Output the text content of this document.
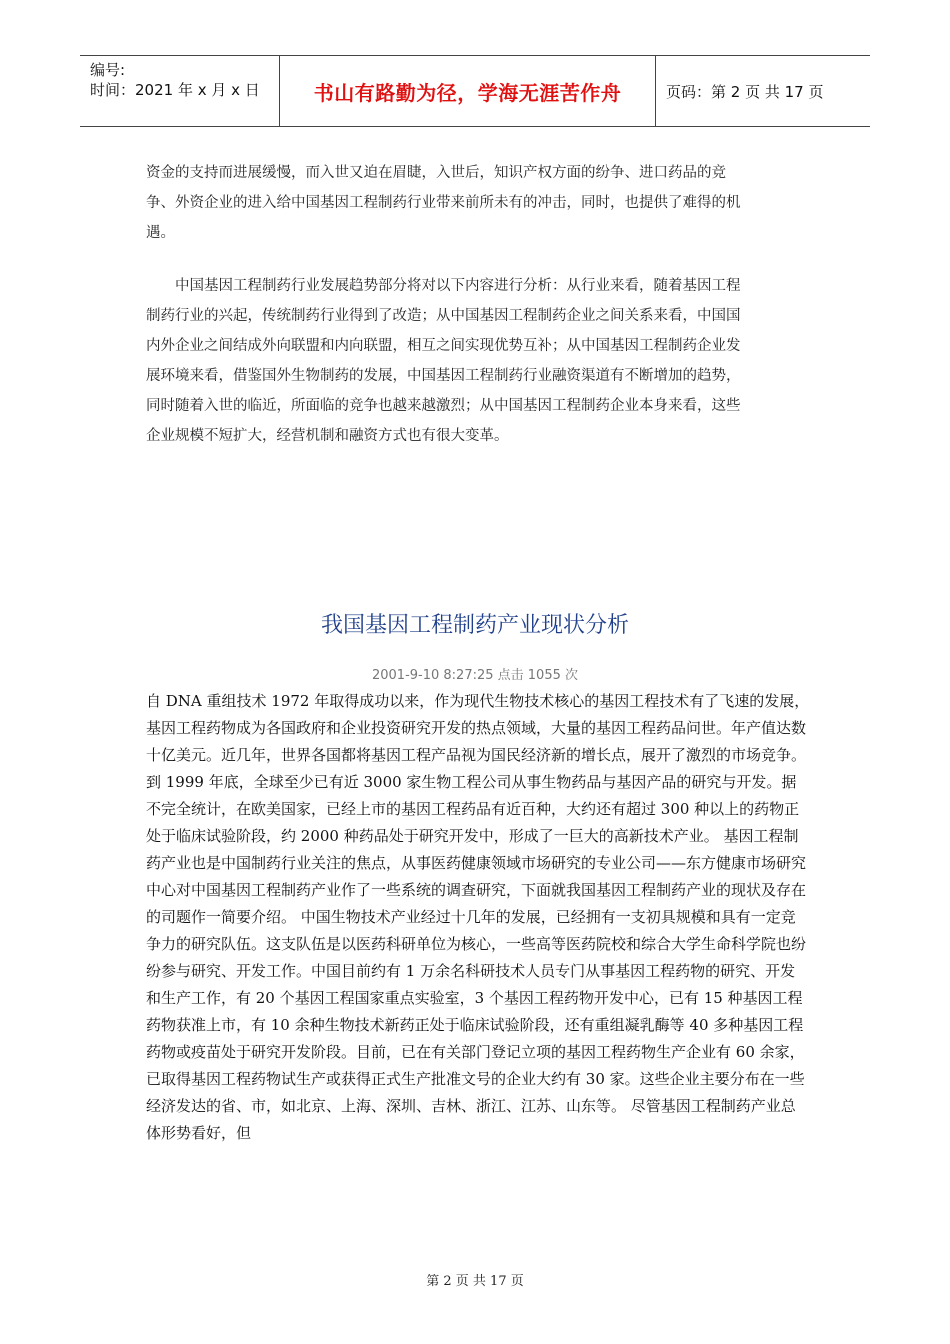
编号:
时间：2021 年 x 月 x 日	书山有路勤为径，学海无涯苦作舟	页码：第 2 页 共 17 页
资金的支持而进展缓慢，而入世又迫在眉睫，入世后，知识产权方面的纷争、进口药品的竞争、外资企业的进入给中国基因工程制药行业带来前所未有的冲击，同时，也提供了难得的机遇。
中国基因工程制药行业发展趋势部分将对以下内容进行分析：从行业来看，随着基因工程制药行业的兴起，传统制药行业得到了改造；从中国基因工程制药企业之间关系来看，中国国内外企业之间结成外向联盟和内向联盟，相互之间实现优势互补；从中国基因工程制药企业发展环境来看，借鉴国外生物制药的发展，中国基因工程制药行业融资渠道有不断增加的趋势，同时随着入世的临近，所面临的竞争也越来越激烈；从中国基因工程制药企业本身来看，这些企业规模不短扩大，经营机制和融资方式也有很大变革。
我国基因工程制药产业现状分析
2001-9-10 8:27:25 点击 1055 次
自 DNA 重组技术 1972 年取得成功以来，作为现代生物技术核心的基因工程技术有了飞速的发展，基因工程药物成为各国政府和企业投资研究开发的热点领域，大量的基因工程药品问世。年产值达数十亿美元。近几年，世界各国都将基因工程产品视为国民经济新的增长点，展开了激烈的市场竞争。到 1999 年底，全球至少已有近 3000 家生物工程公司从事生物药品与基因产品的研究与开发。据不完全统计，在欧美国家，已经上市的基因工程药品有近百种，大约还有超过 300 种以上的药物正处于临床试验阶段，约 2000 种药品处于研究开发中，形成了一巨大的高新技术产业。 基因工程制药产业也是中国制药行业关注的焦点，从事医药健康领域市场研究的专业公司——东方健康市场研究中心对中国基因工程制药产业作了一些系统的调查研究，下面就我国基因工程制药产业的现状及存在的司题作一简要介绍。 中国生物技术产业经过十几年的发展，已经拥有一支初具规模和具有一定竞争力的研究队伍。这支队伍是以医药科研单位为核心，一些高等医药院校和综合大学生命科学院也纷纷参与研究、开发工作。中国目前约有 1 万余名科研技术人员专门从事基因工程药物的研究、开发和生产工作，有 20 个基因工程国家重点实验室，3 个基因工程药物开发中心，已有 15 种基因工程药物获准上市，有 10 余种生物技术新药正处于临床试验阶段，还有重组凝乳酶等 40 多种基因工程药物或疫苗处于研究开发阶段。目前，已在有关部门登记立项的基因工程药物生产企业有 60 余家，已取得基因工程药物试生产或获得正式生产批准文号的企业大约有 30 家。这些企业主要分布在一些经济发达的省、市，如北京、上海、深圳、吉林、浙江、江苏、山东等。 尽管基因工程制药产业总体形势看好，但
第 2 页 共 17 页
